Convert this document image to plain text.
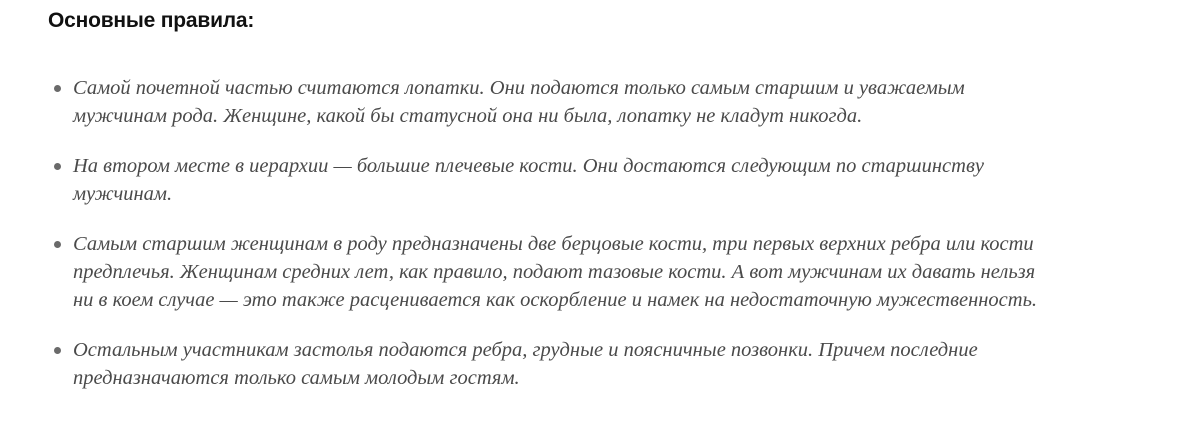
Основные правила:
Самой почетной частью считаются лопатки. Они подаются только самым старшим и уважаемым мужчинам рода. Женщине, какой бы статусной она ни была, лопатку не кладут никогда.
На втором месте в иерархии — большие плечевые кости. Они достаются следующим по старшинству мужчинам.
Самым старшим женщинам в роду предназначены две берцовые кости, три первых верхних ребра или кости предплечья. Женщинам средних лет, как правило, подают тазовые кости. А вот мужчинам их давать нельзя ни в коем случае — это также расценивается как оскорбление и намек на недостаточную мужественность.
Остальным участникам застолья подаются ребра, грудные и поясничные позвонки. Причем последние предназначаются только самым молодым гостям.
